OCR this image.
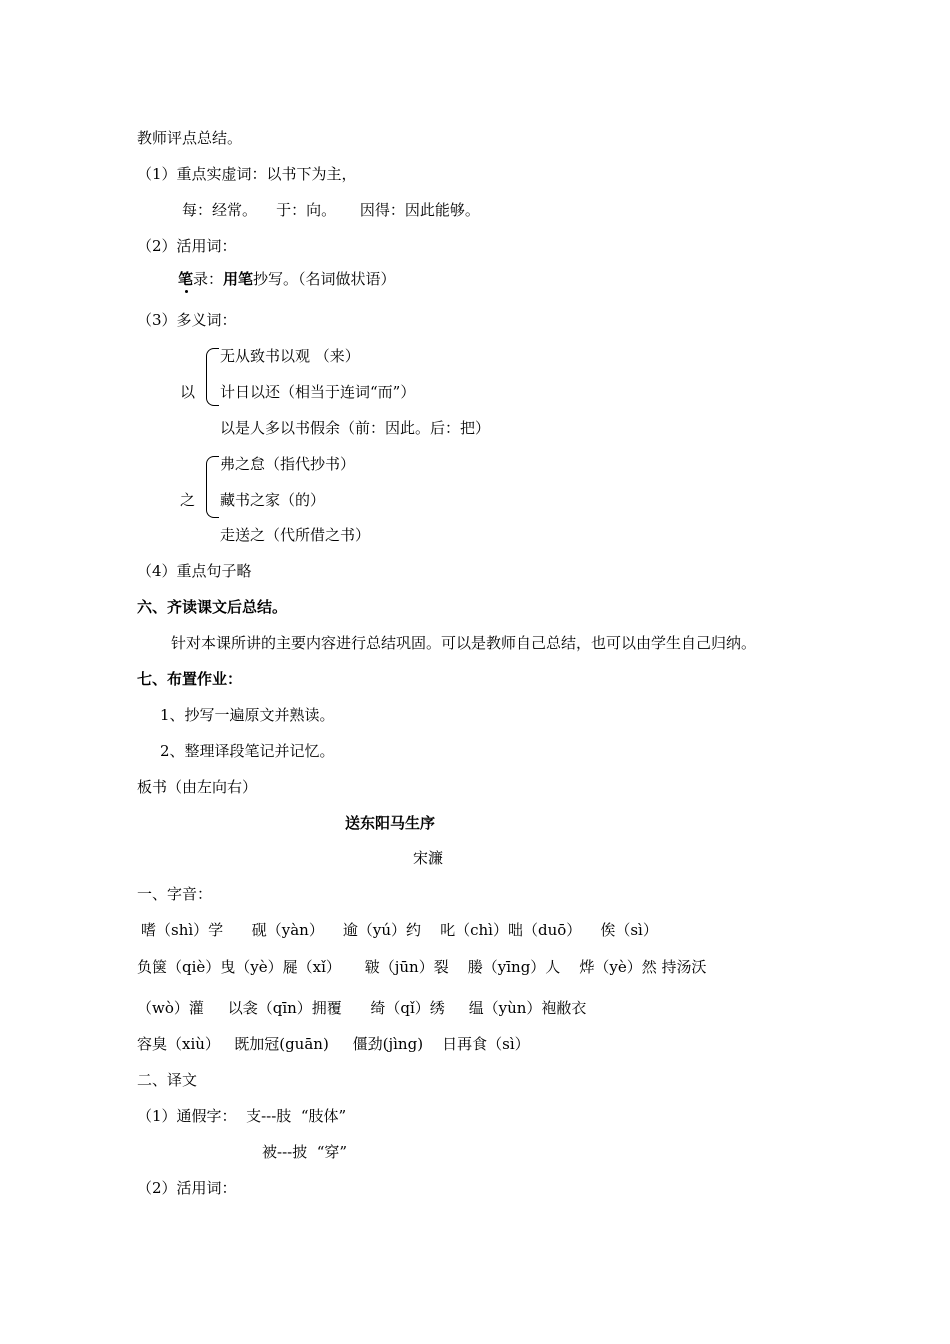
教师评点总结。
（1）重点实虚词：以书下为主，
每：经常。    于：向。     因得：因此能够。
（2）活用词：
笔录：用笔抄写。（名词做状语）
（3）多义词：
以
无从致书以观 （来）
计日以还（相当于连词“而”）
以是人多以书假余（前：因此。后：把）
之
弗之怠（指代抄书）
藏书之家（的）
走送之（代所借之书）
（4）重点句子略
六、齐读课文后总结。
针对本课所讲的主要内容进行总结巩固。可以是教师自己总结，也可以由学生自己归纳。
七、布置作业：
1、抄写一遍原文并熟读。
2、整理译段笔记并记忆。
板书（由左向右）
送东阳马生序
宋濂
一、字音：
嗜（shì）学      砚（yàn）    逾（yú）约    叱（chì）咄（duō）    俟（sì）
负箧（qiè）曳（yè）屣（xǐ）     皲（jūn）裂    媵（yīng）人    烨（yè）然 持汤沃
（wò）灌     以衾（qīn）拥覆      绮（qǐ）绣     缊（yùn）袍敝衣
容臭（xiù）   既加冠(guān)     僵劲(jìng)    日再食（sì）
二、译文
（1）通假字：  支---肢  “肢体”
被---披  “穿”
（2）活用词：
